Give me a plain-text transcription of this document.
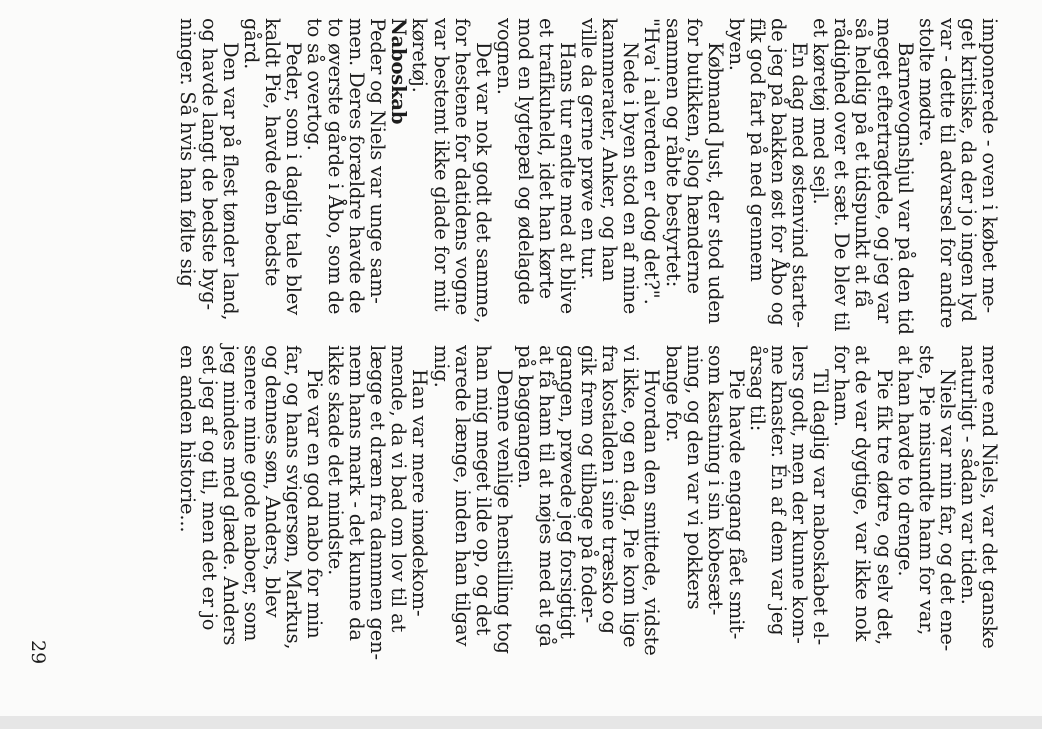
imponerede - oven i købet me-

get kritiske, da der jo ingen lyd

var - dette til advarsel for andre

stolte mødre.

Barnevognshjul var på den tid

meget eftertragtede, og jeg var

så heldig på et tidspunkt at få

rådighed over et sæt. De blev til

et køretøj med sejl.

En dag med østenvind starte-

de jeg på bakken øst for Åbo og

fik god fart på ned gennem

byen.

Købmand Just, der stod uden

for butikken, slog hænderne

sammen og råbte bestyrtet:

"Hva' i alverden er dog det?".

Nede i byen stod en af mine

kammerater, Anker, og han

ville da gerne prøve en tur.

Hans tur endte med at blive

et trafikuheld, idet han kørte

mod en lygtepæl og ødelagde

vognen.

Det var nok godt det samme,

for hestene for datidens vogne

var bestemt ikke glade for mit

køretøj.

Naboskab

Peder og Niels var unge sam-

men. Deres forældre havde de

to øverste gårde i Åbo, som de

to så overtog.

Peder, som i daglig tale blev

kaldt Pie, havde den bedste

gård.

Den var på flest tønder land,

og havde langt de bedste byg-

ninger. Så hvis han følte sig

mere end Niels, var det ganske

naturligt - sådan var tiden.

Niels var min far, og det ene-

ste, Pie misundte ham for var,

at han havde to drenge.

Pie fik tre døtre, og selv det,

at de var dygtige, var ikke nok

for ham.

Til daglig var naboskabet el-

lers godt, men der kunne kom-

me knaster. Én af dem var jeg

årsag til:

Pie havde engang fået smit-

som kastning i sin kobesæt-

ning, og den var vi pokkers

bange for.

Hvordan den smittede, vidste

vi ikke, og en dag, Pie kom lige

fra kostalden i sine træsko og

gik frem og tilbage på foder-

gangen, prøvede jeg forsigtigt

at få ham til at nøjes med at gå

på baggangen.

Denne venlige henstilling tog

han mig meget ilde op, og det

varede længe, inden han tilgav

mig.

Han var mere imødekom-

mende, da vi bad om lov til at

lægge et dræn fra dammen gen-

nem hans mark - det kunne da

ikke skade det mindste.

Pie var en god nabo for min

far, og hans svigersøn, Markus,

og dennes søn, Anders, blev

senere mine gode naboer, som

jeg mindes med glæde. Anders

set jeg af og til, men det er jo

en anden historie...

29
